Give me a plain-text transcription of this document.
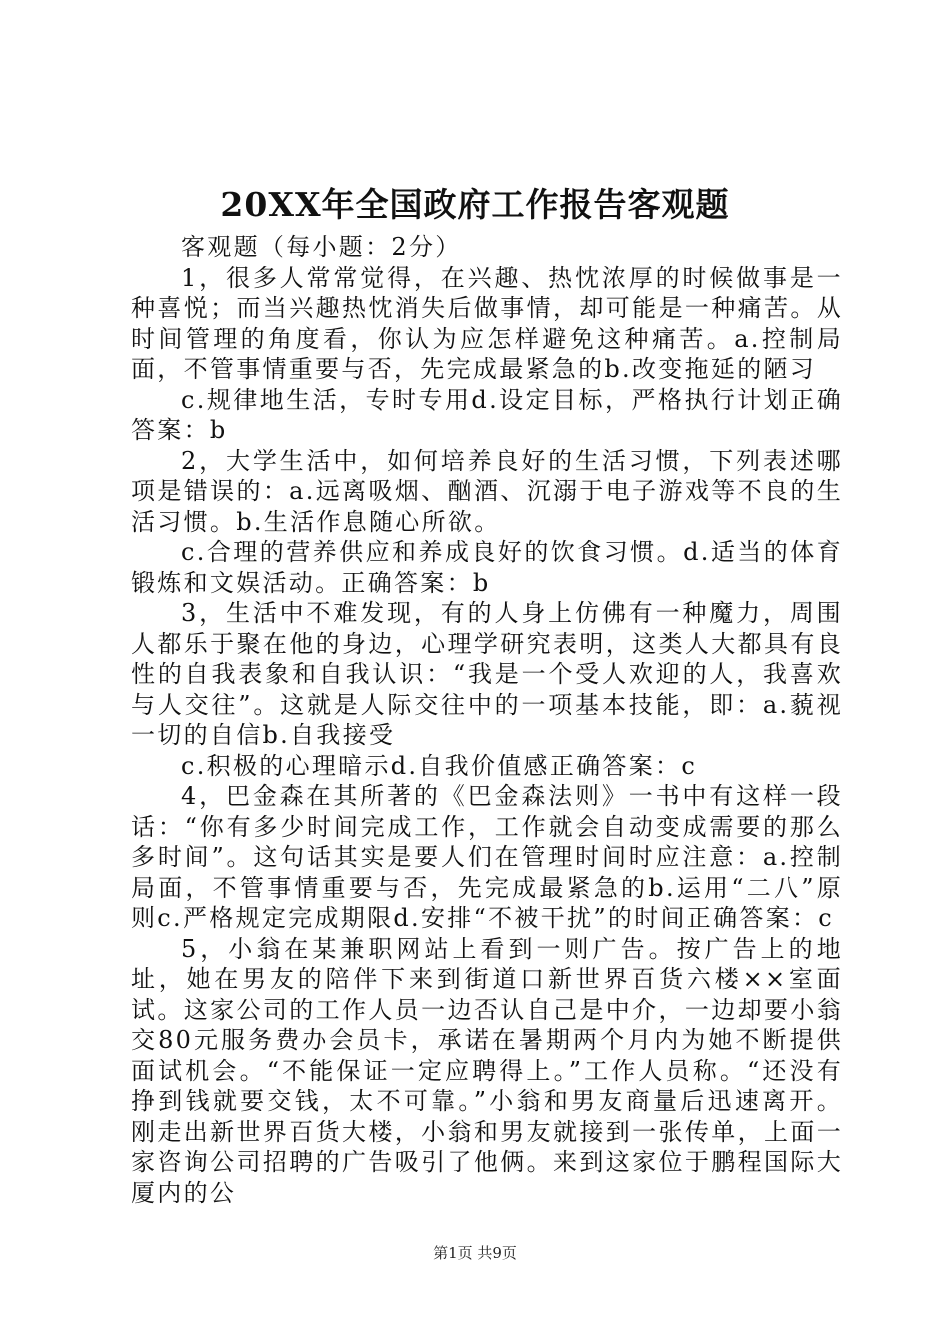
20XX年全国政府工作报告客观题

客观题（每小题：2分）

1，很多人常常觉得，在兴趣、热忱浓厚的时候做事是一种喜悦；而当兴趣热忱消失后做事情，却可能是一种痛苦。从时间管理的角度看，你认为应怎样避免这种痛苦。a.控制局面，不管事情重要与否，先完成最紧急的b.改变拖延的陋习

c.规律地生活，专时专用d.设定目标，严格执行计划正确答案：b

2，大学生活中，如何培养良好的生活习惯，下列表述哪项是错误的：a.远离吸烟、酗酒、沉溺于电子游戏等不良的生活习惯。b.生活作息随心所欲。

c.合理的营养供应和养成良好的饮食习惯。d.适当的体育锻炼和文娱活动。正确答案：b

3，生活中不难发现，有的人身上仿佛有一种魔力，周围人都乐于聚在他的身边，心理学研究表明，这类人大都具有良性的自我表象和自我认识：“我是一个受人欢迎的人，我喜欢与人交往”。这就是人际交往中的一项基本技能，即：a.藐视一切的自信b.自我接受

c.积极的心理暗示d.自我价值感正确答案：c

4，巴金森在其所著的《巴金森法则》一书中有这样一段话：“你有多少时间完成工作，工作就会自动变成需要的那么多时间”。这句话其实是要人们在管理时间时应注意：a.控制局面，不管事情重要与否，先完成最紧急的b.运用“二八”原则c.严格规定完成期限d.安排“不被干扰”的时间正确答案：c

5，小翁在某兼职网站上看到一则广告。按广告上的地址，她在男友的陪伴下来到街道口新世界百货六楼××室面试。这家公司的工作人员一边否认自己是中介，一边却要小翁交80元服务费办会员卡，承诺在暑期两个月内为她不断提供面试机会。“不能保证一定应聘得上。”工作人员称。“还没有挣到钱就要交钱，太不可靠。”小翁和男友商量后迅速离开。刚走出新世界百货大楼，小翁和男友就接到一张传单，上面一家咨询公司招聘的广告吸引了他俩。来到这家位于鹏程国际大厦内的公

第1页 共9页
